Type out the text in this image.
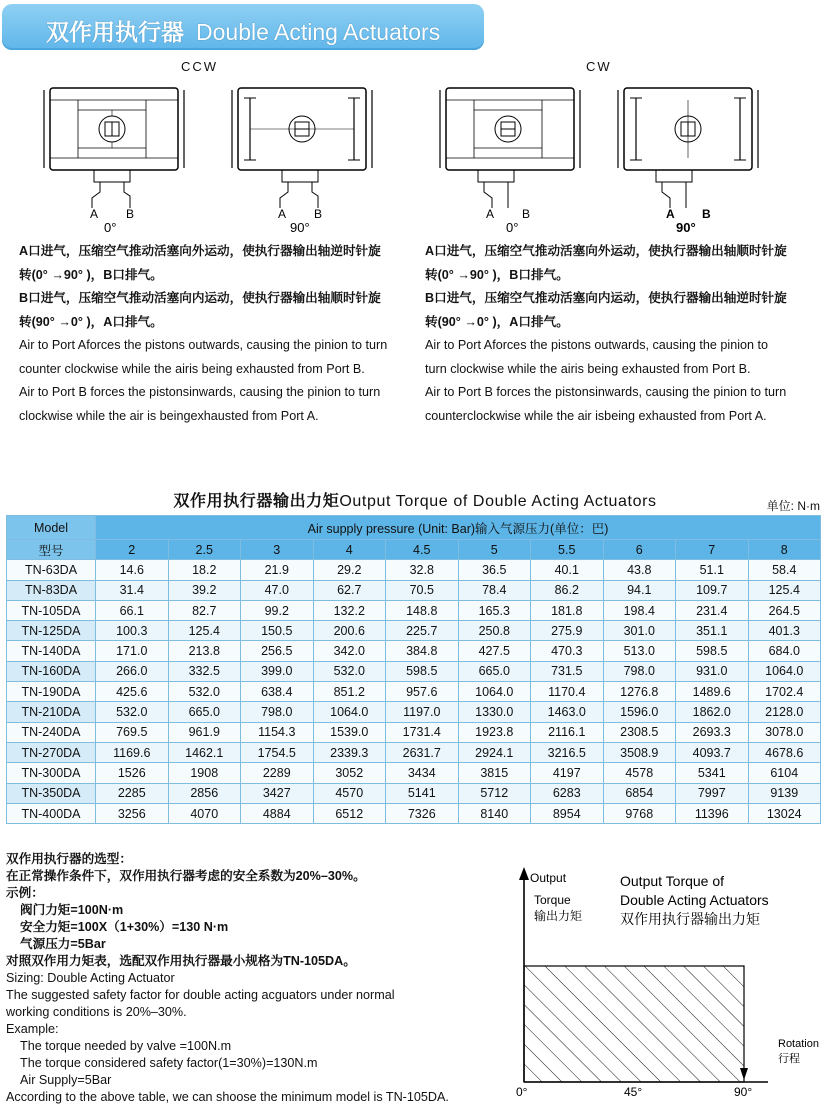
双作用执行器 Double Acting Actuators
CCW	CW
A B
0°
A B
90°
A B
0°
A B
90°

A口进气，压缩空气推动活塞向外运动，使执行器输出轴逆时针旋转(0° →90° )，B口排气。

B口进气，压缩空气推动活塞向内运动，使执行器输出轴顺时针旋转(90° →0° )，A口排气。

Air to Port Aforces the pistons outwards, causing the pinion to turn counter clockwise while the airis being exhausted from Port B.

Air to Port B forces the pistonsinwards, causing the pinion to turn clockwise while the air is beingexhausted from Port A.

A口进气，压缩空气推动活塞向外运动，使执行器输出轴顺时针旋转(0° →90° )，B口排气。

B口进气，压缩空气推动活塞向内运动，使执行器输出轴逆时针旋转(90° →0° )，A口排气。

Air to Port Aforces the pistons outwards, causing the pinion to turn clockwise while the airis being exhausted from Port B.

Air to Port B forces the pistonsinwards, causing the pinion to turn counterclockwise while the air isbeing exhausted from Port A.

双作用执行器输出力矩Output Torque of Double Acting Actuators	单位: N·m
Model	Air supply pressure (Unit: Bar)输入气源压力(单位：巴)									
型号	2	2.5	3	4	4.5	5	5.5	6	7	8
TN-63DA	14.6	18.2	21.9	29.2	32.8	36.5	40.1	43.8	51.1	58.4
TN-83DA	31.4	39.2	47.0	62.7	70.5	78.4	86.2	94.1	109.7	125.4
TN-105DA	66.1	82.7	99.2	132.2	148.8	165.3	181.8	198.4	231.4	264.5
TN-125DA	100.3	125.4	150.5	200.6	225.7	250.8	275.9	301.0	351.1	401.3
TN-140DA	171.0	213.8	256.5	342.0	384.8	427.5	470.3	513.0	598.5	684.0
TN-160DA	266.0	332.5	399.0	532.0	598.5	665.0	731.5	798.0	931.0	1064.0
TN-190DA	425.6	532.0	638.4	851.2	957.6	1064.0	1170.4	1276.8	1489.6	1702.4
TN-210DA	532.0	665.0	798.0	1064.0	1197.0	1330.0	1463.0	1596.0	1862.0	2128.0
TN-240DA	769.5	961.9	1154.3	1539.0	1731.4	1923.8	2116.1	2308.5	2693.3	3078.0
TN-270DA	1169.6	1462.1	1754.5	2339.3	2631.7	2924.1	3216.5	3508.9	4093.7	4678.6
TN-300DA	1526	1908	2289	3052	3434	3815	4197	4578	5341	6104
TN-350DA	2285	2856	3427	4570	5141	5712	6283	6854	7997	9139
TN-400DA	3256	4070	4884	6512	7326	8140	8954	9768	11396	13024

双作用执行器的选型：

在正常操作条件下，双作用执行器考虑的安全系数为20%–30%。

示例：

阀门力矩=100N·m

安全力矩=100X（1+30%）=130 N·m

气源压力=5Bar

对照双作用力矩表，选配双作用执行器最小规格为TN-105DA。

Sizing: Double Acting Actuator

The suggested safety factor for double acting acguators under normal

working conditions is 20%–30%.

Example:

The torque needed by valve =100N.m

The torque considered safety factor(1=30%)=130N.m

Air Supply=5Bar

According to the above table, we can shoose the minimum model is TN-105DA.

Output
Torque
输出力矩
Output Torque of
Double Acting Actuators
双作用执行器输出力矩
Rotation
行程
0°	45°	90°
